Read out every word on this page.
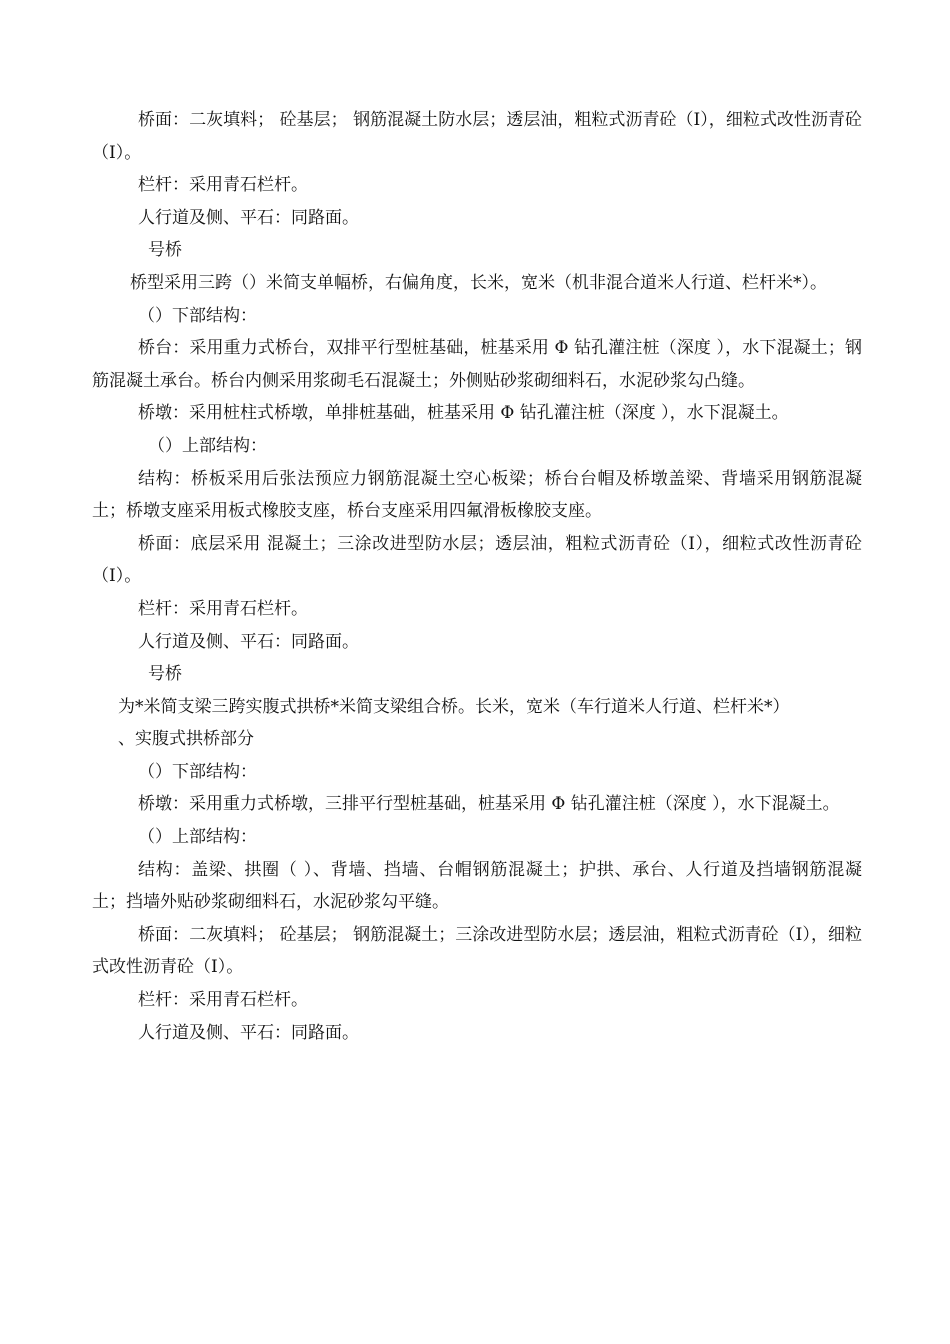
桥面：二灰填料； 砼基层； 钢筋混凝土防水层；透层油，粗粒式沥青砼（Ⅰ），细粒式改性沥青砼（Ⅰ）。

栏杆：采用青石栏杆。

人行道及侧、平石：同路面。

号桥

桥型采用三跨（）米简支单幅桥，右偏角度，长米，宽米（机非混合道米人行道、栏杆米*）。

（）下部结构：

桥台：采用重力式桥台，双排平行型桩基础，桩基采用 Φ 钻孔灌注桩（深度 ），水下混凝土；钢筋混凝土承台。桥台内侧采用浆砌毛石混凝土；外侧贴砂浆砌细料石，水泥砂浆勾凸缝。

桥墩：采用桩柱式桥墩，单排桩基础，桩基采用 Φ 钻孔灌注桩（深度 ），水下混凝土。

（）上部结构：

结构：桥板采用后张法预应力钢筋混凝土空心板梁；桥台台帽及桥墩盖梁、背墙采用钢筋混凝土；桥墩支座采用板式橡胶支座，桥台支座采用四氟滑板橡胶支座。

桥面：底层采用 混凝土；三涂改进型防水层；透层油，粗粒式沥青砼（Ⅰ），细粒式改性沥青砼（Ⅰ）。

栏杆：采用青石栏杆。

人行道及侧、平石：同路面。

号桥

为*米简支梁三跨实腹式拱桥*米简支梁组合桥。长米，宽米（车行道米人行道、栏杆米*）

、实腹式拱桥部分

（）下部结构：

桥墩：采用重力式桥墩，三排平行型桩基础，桩基采用 Φ 钻孔灌注桩（深度 ），水下混凝土。

（）上部结构：

结构：盖梁、拱圈（ ）、背墙、挡墙、台帽钢筋混凝土；护拱、承台、人行道及挡墙钢筋混凝土；挡墙外贴砂浆砌细料石，水泥砂浆勾平缝。

桥面：二灰填料； 砼基层； 钢筋混凝土；三涂改进型防水层；透层油，粗粒式沥青砼（Ⅰ），细粒式改性沥青砼（Ⅰ）。

栏杆：采用青石栏杆。

人行道及侧、平石：同路面。
